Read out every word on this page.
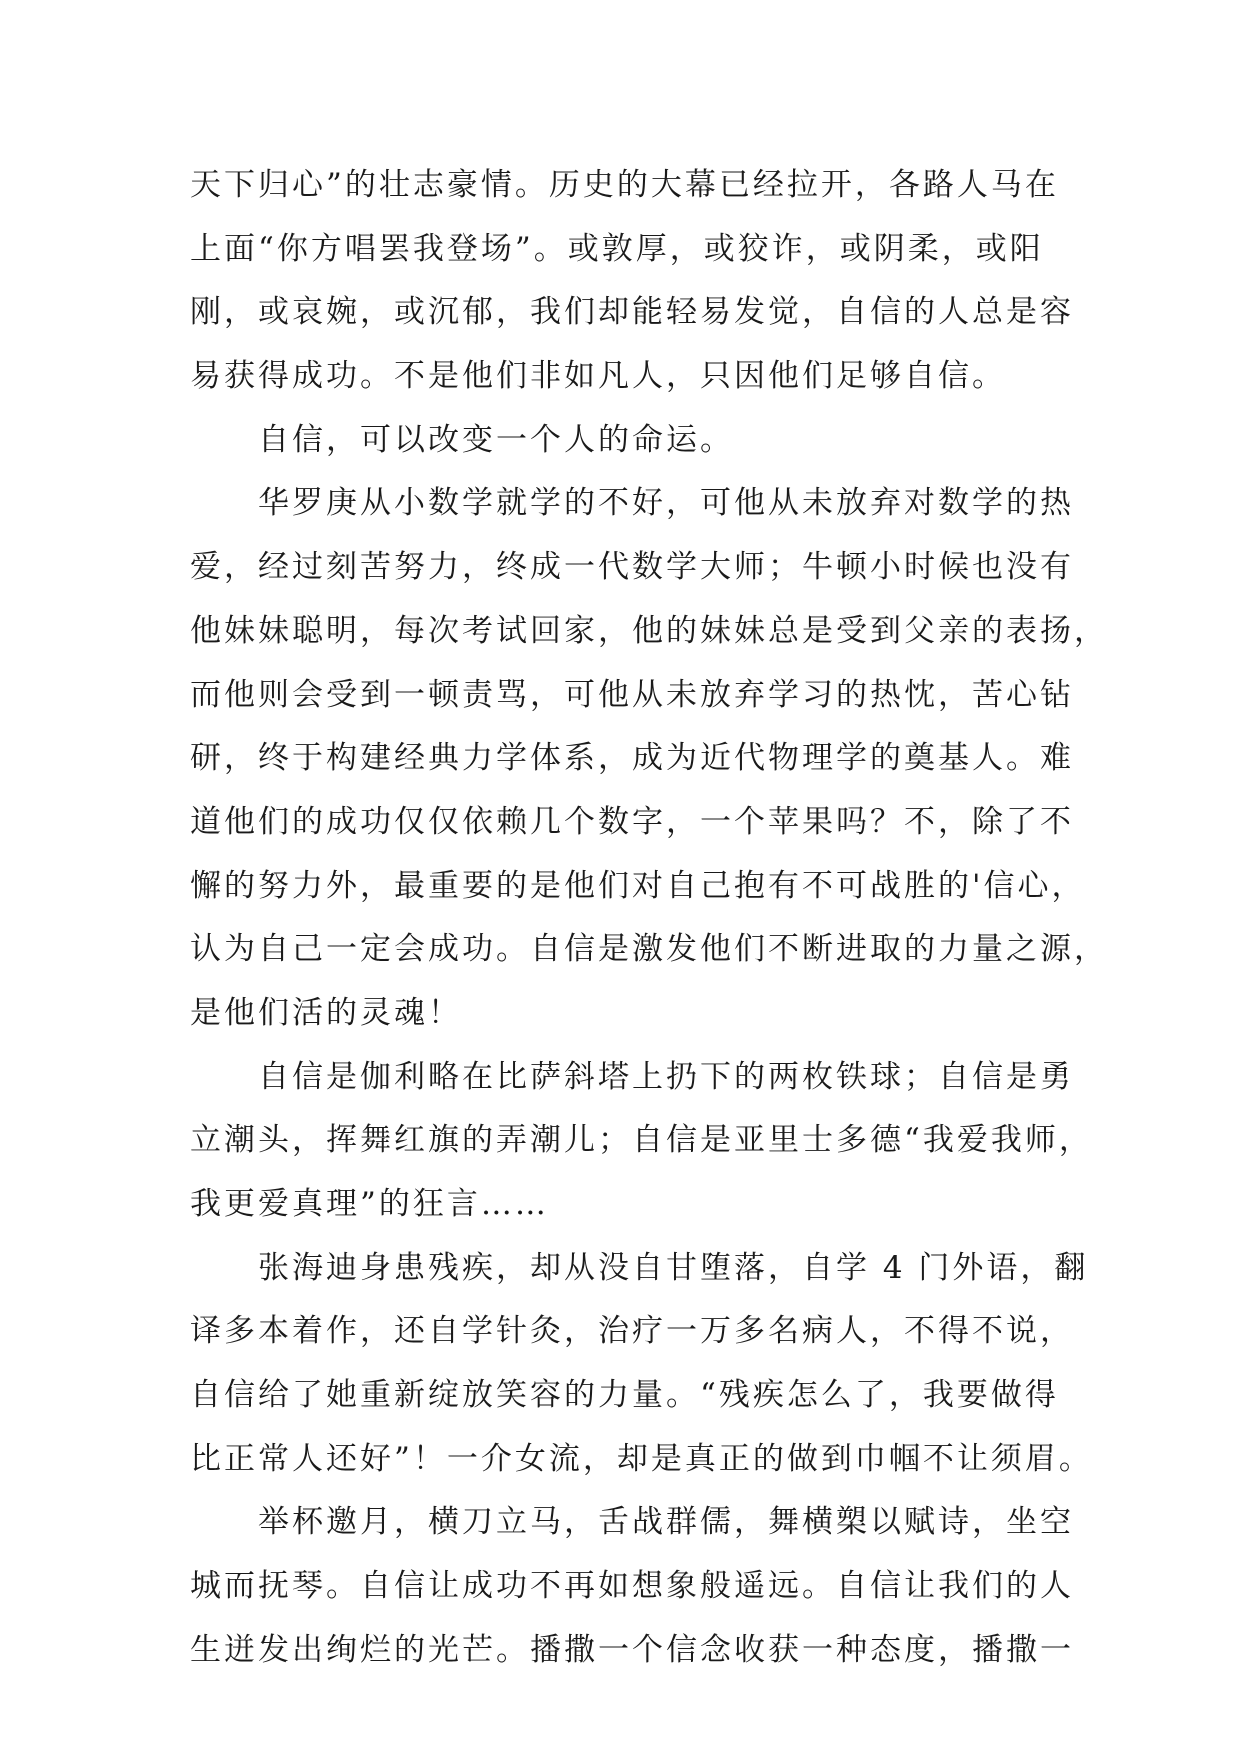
天下归心”的壮志豪情。历史的大幕已经拉开，各路人马在
上面“你方唱罢我登场”。或敦厚，或狡诈，或阴柔，或阳
刚，或哀婉，或沉郁，我们却能轻易发觉，自信的人总是容
易获得成功。不是他们非如凡人，只因他们足够自信。
自信，可以改变一个人的命运。
华罗庚从小数学就学的不好，可他从未放弃对数学的热
爱，经过刻苦努力，终成一代数学大师；牛顿小时候也没有
他妹妹聪明，每次考试回家，他的妹妹总是受到父亲的表扬，
而他则会受到一顿责骂，可他从未放弃学习的热忱，苦心钻
研，终于构建经典力学体系，成为近代物理学的奠基人。难
道他们的成功仅仅依赖几个数字，一个苹果吗？不，除了不
懈的努力外，最重要的是他们对自己抱有不可战胜的'信心，
认为自己一定会成功。自信是激发他们不断进取的力量之源，
是他们活的灵魂！
自信是伽利略在比萨斜塔上扔下的两枚铁球；自信是勇
立潮头，挥舞红旗的弄潮儿；自信是亚里士多德“我爱我师，
我更爱真理”的狂言……
张海迪身患残疾，却从没自甘堕落，自学 4 门外语，翻
译多本着作，还自学针灸，治疗一万多名病人，不得不说，
自信给了她重新绽放笑容的力量。“残疾怎么了，我要做得
比正常人还好”！一介女流，却是真正的做到巾帼不让须眉。
举杯邀月，横刀立马，舌战群儒，舞横槊以赋诗，坐空
城而抚琴。自信让成功不再如想象般遥远。自信让我们的人
生迸发出绚烂的光芒。播撒一个信念收获一种态度，播撒一
